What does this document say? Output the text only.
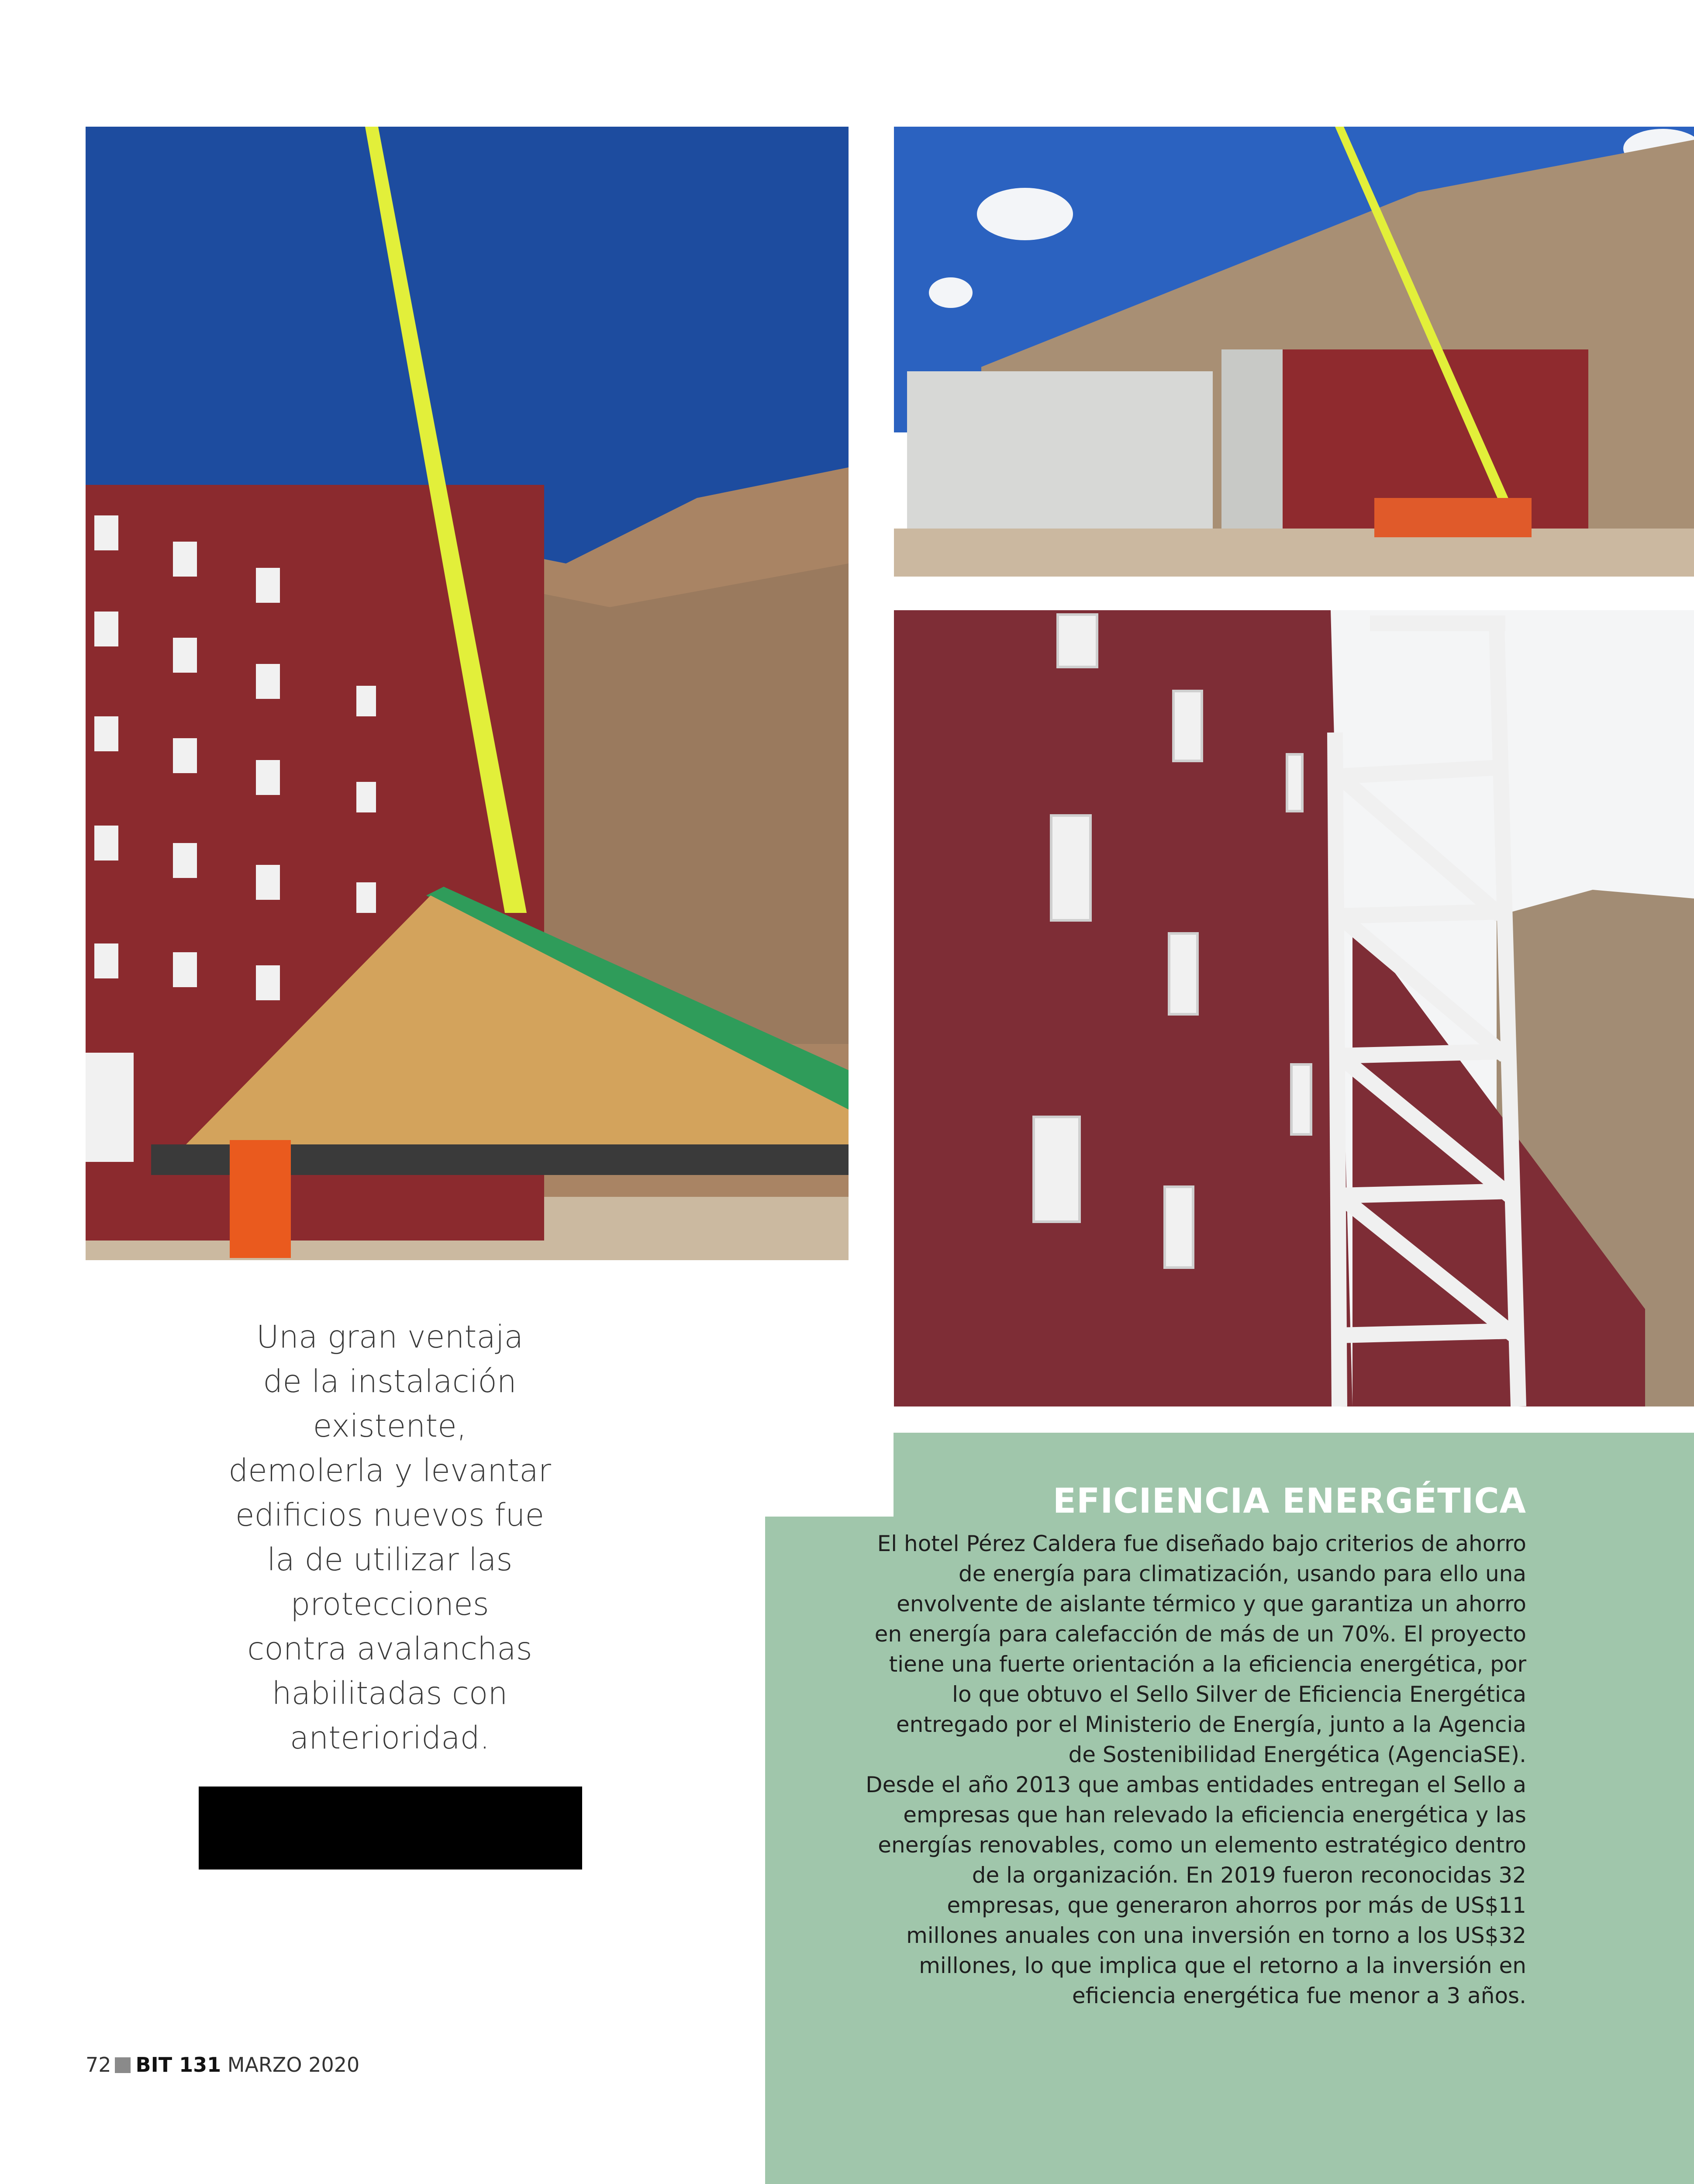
Una gran ventaja
de la instalación
existente,
demolerla y levantar
edificios nuevos fue
la de utilizar las
protecciones
contra avalanchas
habilitadas con
anterioridad.
EFICIENCIA ENERGÉTICA

El hotel Pérez Caldera fue diseñado bajo criterios de ahorro de energía para climatización, usando para ello una envolvente de aislante térmico y que garantiza un ahorro en energía para calefacción de más de un 70%. El proyecto tiene una fuerte orientación a la eficiencia energética, por lo que obtuvo el Sello Silver de Eficiencia Energética entregado por el Ministerio de Energía, junto a la Agencia de Sostenibilidad Energética (AgenciaSE).

Desde el año 2013 que ambas entidades entregan el Sello a empresas que han relevado la eficiencia energética y las energías renovables, como un elemento estratégico dentro de la organización. En 2019 fueron reconocidas 32 empresas, que generaron ahorros por más de US$11 millones anuales con una inversión en torno a los US$32 millones, lo que implica que el retorno a la inversión en eficiencia energética fue menor a 3 años.

72 BIT 131 MARZO 2020
